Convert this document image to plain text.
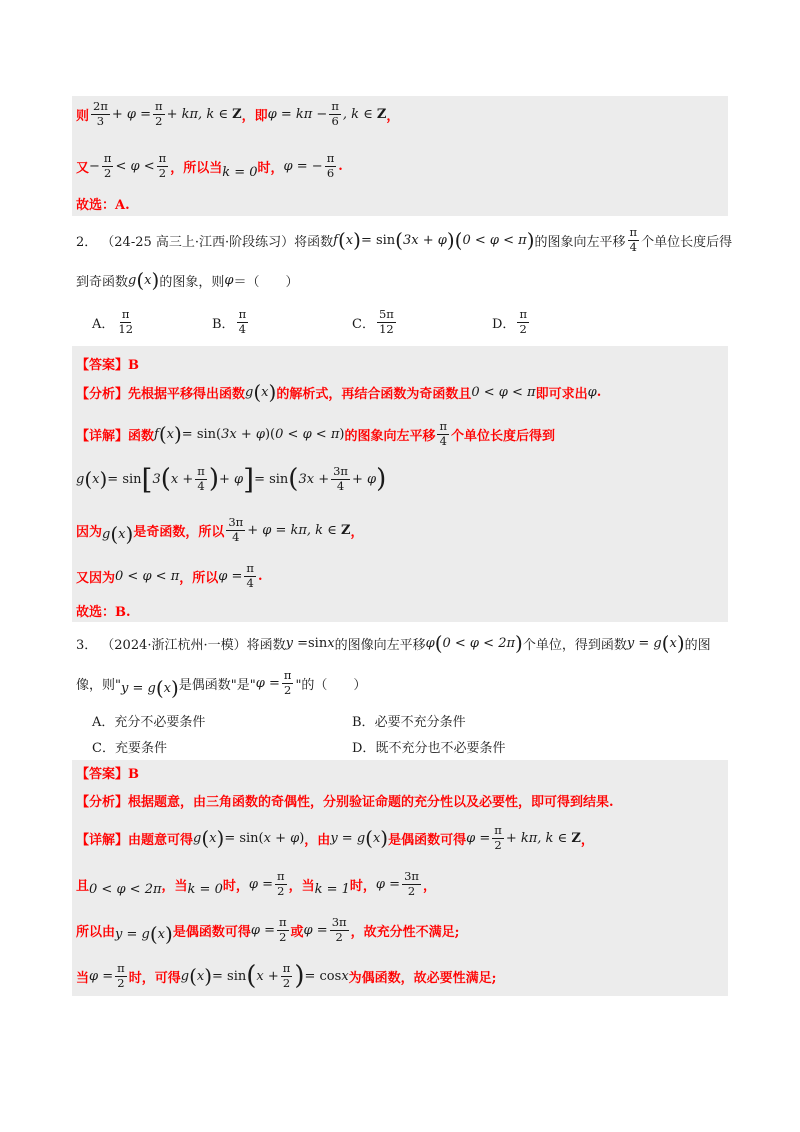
则 $\frac{2\pi}{3} + \varphi = \frac{\pi}{2} + k\pi$, k ∈ Z ，即 $\varphi = k\pi - \frac{\pi}{6}$ , k ∈ Z ，
又 − $\frac{\pi}{2} < \varphi < \frac{\pi}{2}$ ，所以当 k = 0 时， φ = − $\frac{\pi}{6}$ .
故选：A.
2． （24-25 高三上·江西·阶段练习）将函数 f ( x ) = sin ( 3x + φ ) ( 0 < φ < π ) 的图象向左平移 $\frac{\pi}{4}$ 个单位长度后得
到奇函数 g ( x ) 的图象，则 φ ＝（　　）
A． $\frac{\pi}{12}$	B． $\frac{\pi}{4}$	C． $\frac{5\pi}{12}$	D． $\frac{\pi}{2}$
【答案】B
【分析】先根据平移得出函数 g ( x ) 的解析式，再结合函数为奇函数且 0 < φ < π 即可求出 φ .
【详解】函数 f ( x ) = sin( 3x + φ )( 0 < φ < π ) 的图象向左平移 $\frac{\pi}{4}$ 个单位长度后得到
g ( x ) = sin [ 3 ( $x + \frac{\pi}{4}$ ) + φ ] = sin ( $3x + \frac{3\pi}{4} + \varphi$ )
因为 g ( x ) 是奇函数，所以 $\frac{3\pi}{4} + \varphi = k\pi$, k ∈ Z ，
又因为 0 < φ < π ，所以 $\varphi = \frac{\pi}{4}$ .
故选：B.
3． （2024·浙江杭州·一模）将函数 y = sin x 的图像向左平移 φ ( 0 < φ < 2π ) 个单位，得到函数 y = g ( x ) 的图
像，则" y = g ( x ) 是偶函数"是" $\varphi = \frac{\pi}{2}$ "的（　　）
A． 充分不必要条件	B． 必要不充分条件
C． 充要条件	D． 既不充分也不必要条件
【答案】B
【分析】根据题意，由三角函数的奇偶性，分别验证命题的充分性以及必要性，即可得到结果.
【详解】由题意可得 g ( x ) = sin( x + φ ) ，由 y = g ( x ) 是偶函数可得 $\varphi = \frac{\pi}{2} + k\pi$, k ∈ Z ，
且 0 < φ < 2π ，当 k = 0 时， $\varphi = \frac{\pi}{2}$ ，当 k = 1 时， $\varphi = \frac{3\pi}{2}$ ，
所以由 y = g ( x ) 是偶函数可得 $\varphi = \frac{\pi}{2}$ 或 $\varphi = \frac{3\pi}{2}$ ，故充分性不满足;
当 $\varphi = \frac{\pi}{2}$ 时，可得 g ( x ) = sin ( $x + \frac{\pi}{2}$ ) = cos x 为偶函数，故必要性满足;
